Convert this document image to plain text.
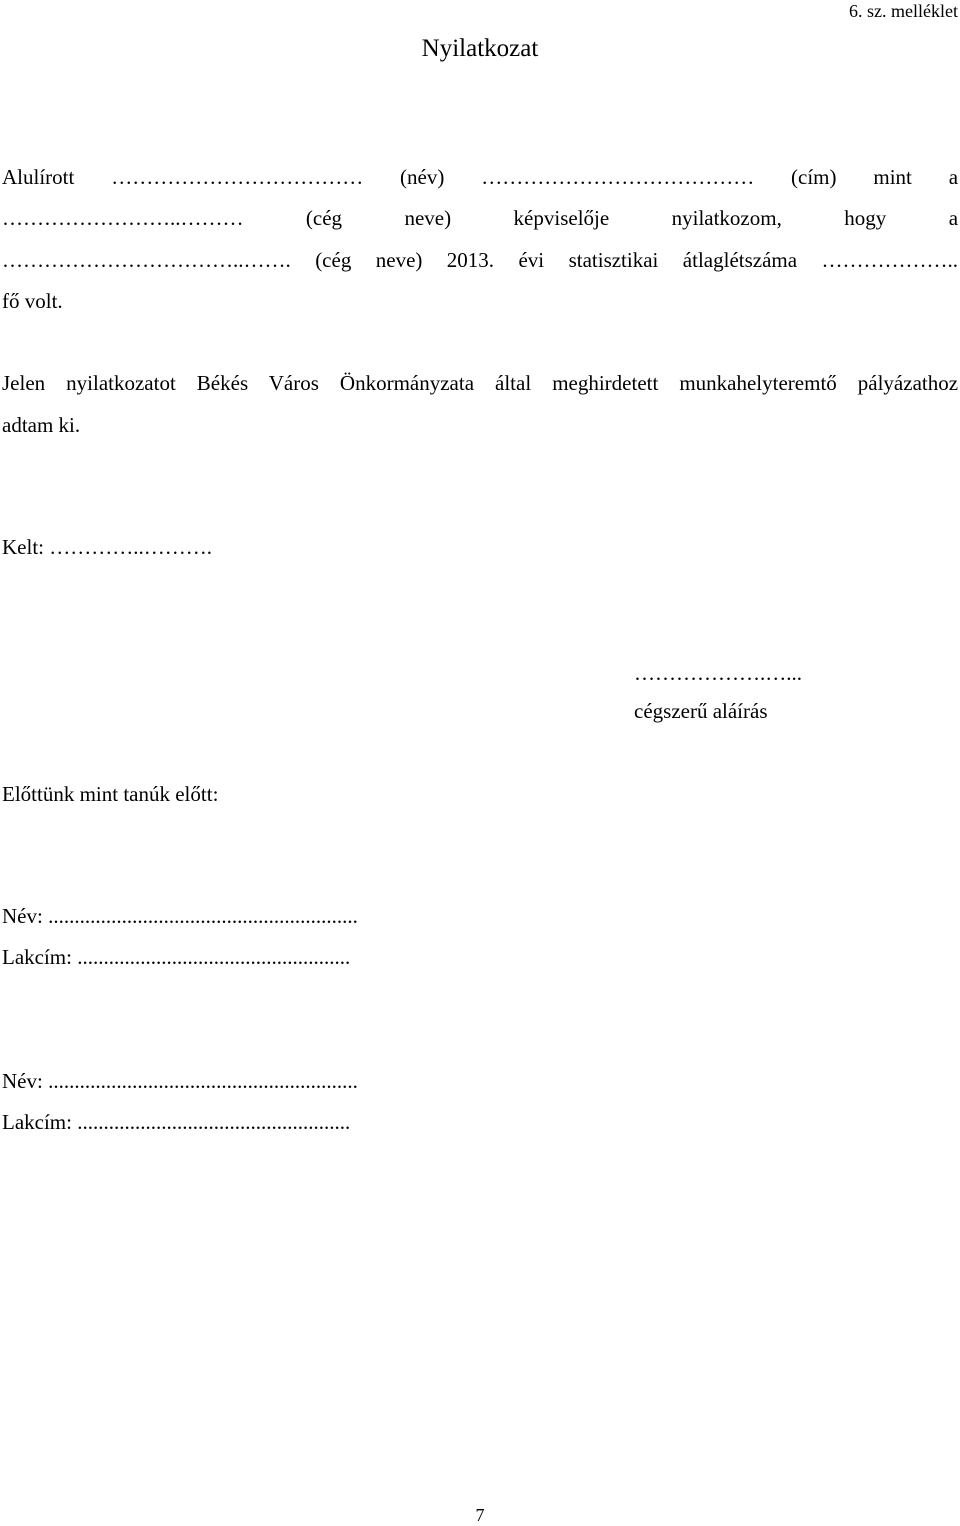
6. sz. melléklet
Nyilatkozat
Alulírott ……………………………… (név) ………………………………… (cím) mint a
……………………..………	(cég	neve)	képviselője	nyilatkozom,	hogy	a
……………………………..……. (cég neve) 2013. évi statisztikai átlaglétszáma ………………..
fő volt.
Jelen nyilatkozatot Békés Város Önkormányzata által meghirdetett munkahelyteremtő pályázathoz
adtam ki.
Kelt: …………..……….
……………….…...
cégszerű aláírás
Előttünk mint tanúk előtt:
Név: ...........................................................
Lakcím: ....................................................
Név: ...........................................................
Lakcím: ....................................................
7
